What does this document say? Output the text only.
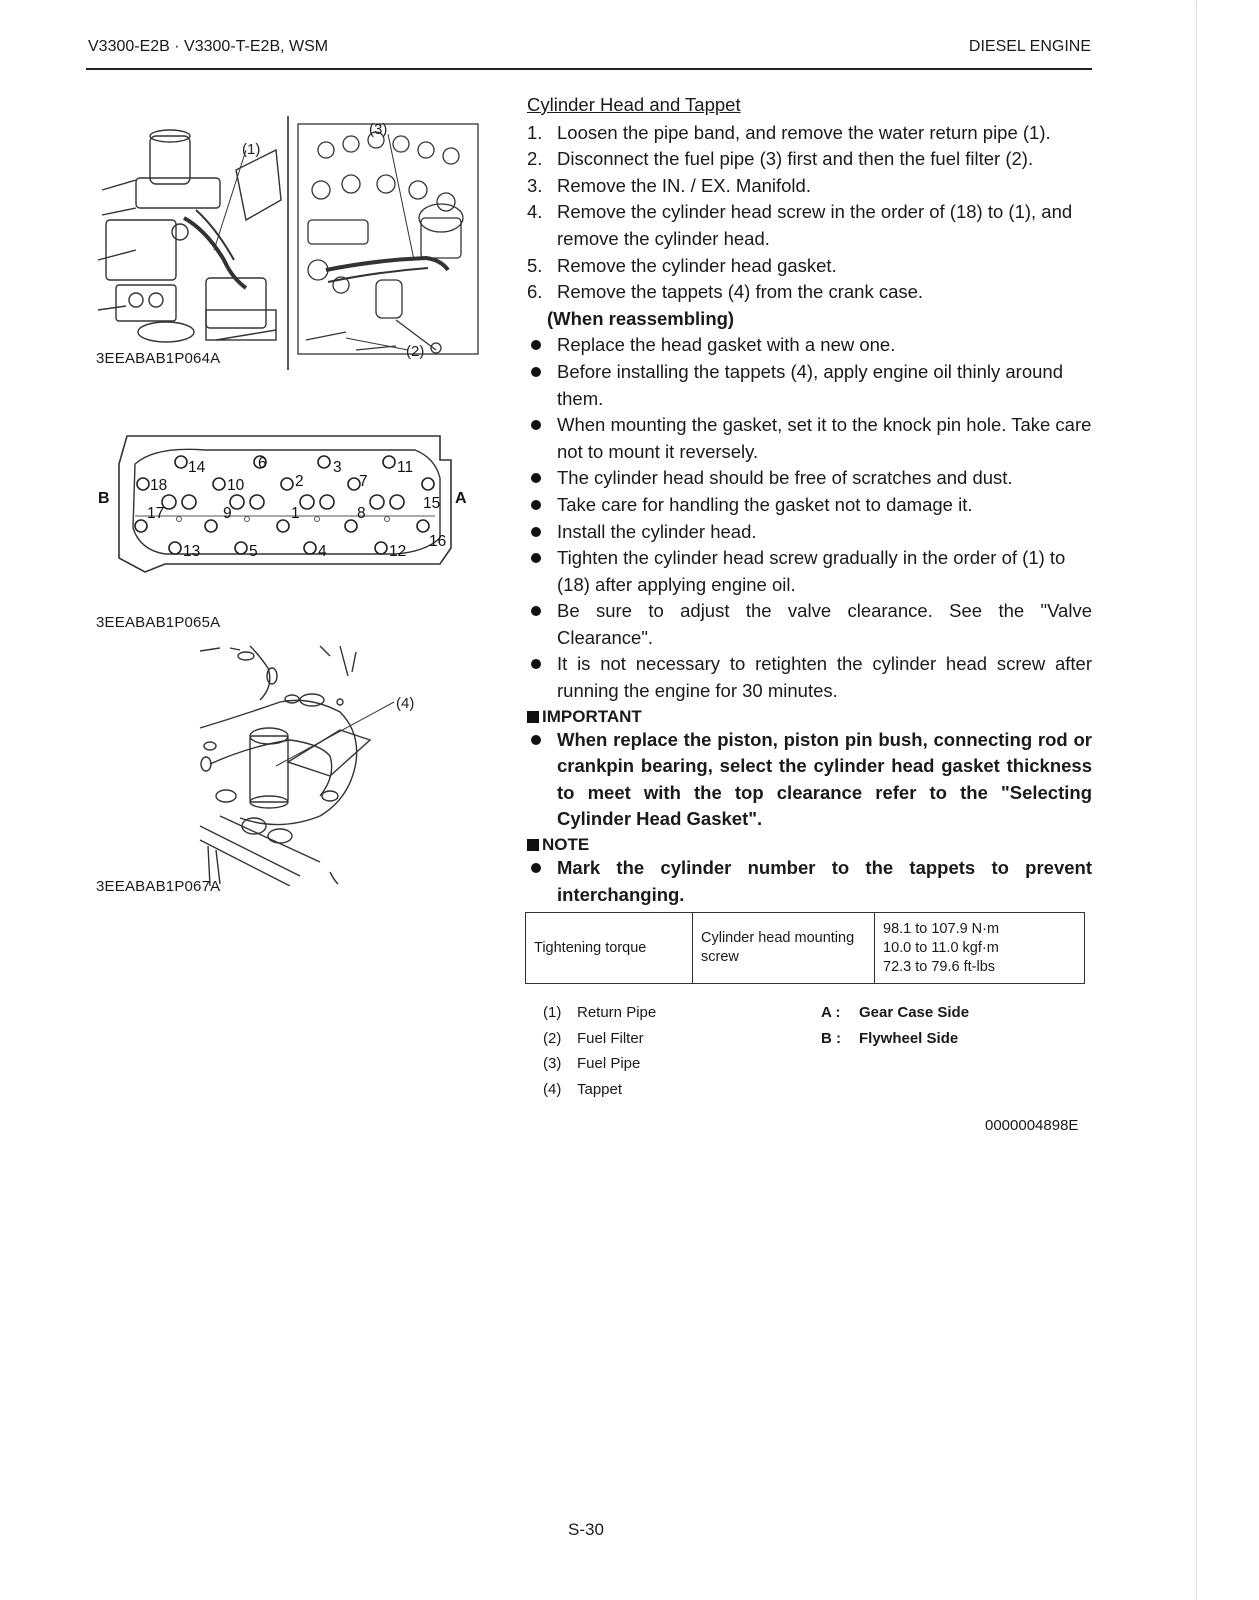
V3300-E2B · V3300-T-E2B, WSM	DIESEL ENGINE
(1)
(3)
(2)
3EEABAB1P064A
14	6	3	11
18	10	2	7
15
17	9	1	8
16
13	5	4	12
B	A
3EEABAB1P065A
(4)
3EEABAB1P067A
Cylinder Head and Tappet
1. Loosen the pipe band, and remove the water return pipe (1).
2. Disconnect the fuel pipe (3) first and then the fuel filter (2).
3. Remove the IN. / EX. Manifold.
4. Remove the cylinder head screw in the order of (18) to (1), and remove the cylinder head.
5. Remove the cylinder head gasket.
6. Remove the tappets (4) from the crank case.
(When reassembling)
Replace the head gasket with a new one.
Before installing the tappets (4), apply engine oil thinly around them.
When mounting the gasket, set it to the knock pin hole. Take care not to mount it reversely.
The cylinder head should be free of scratches and dust.
Take care for handling the gasket not to damage it.
Install the cylinder head.
Tighten the cylinder head screw gradually in the order of (1) to (18) after applying engine oil.
Be sure to adjust the valve clearance. See the "Valve Clearance".
It is not necessary to retighten the cylinder head screw after running the engine for 30 minutes.
IMPORTANT
When replace the piston, piston pin bush, connecting rod or crankpin bearing, select the cylinder head gasket thickness to meet with the top clearance refer to the "Selecting Cylinder Head Gasket".
NOTE
Mark the cylinder number to the tappets to prevent interchanging.
Tightening torque	Cylinder head mounting screw	
98.1 to 107.9 N·m
10.0 to 11.0 kgf·m
72.3 to 79.6 ft-lbs
(1) Return Pipe
(2) Fuel Filter
(3) Fuel Pipe
(4) Tappet
A : Gear Case Side
B : Flywheel Side
0000004898E
S-30
